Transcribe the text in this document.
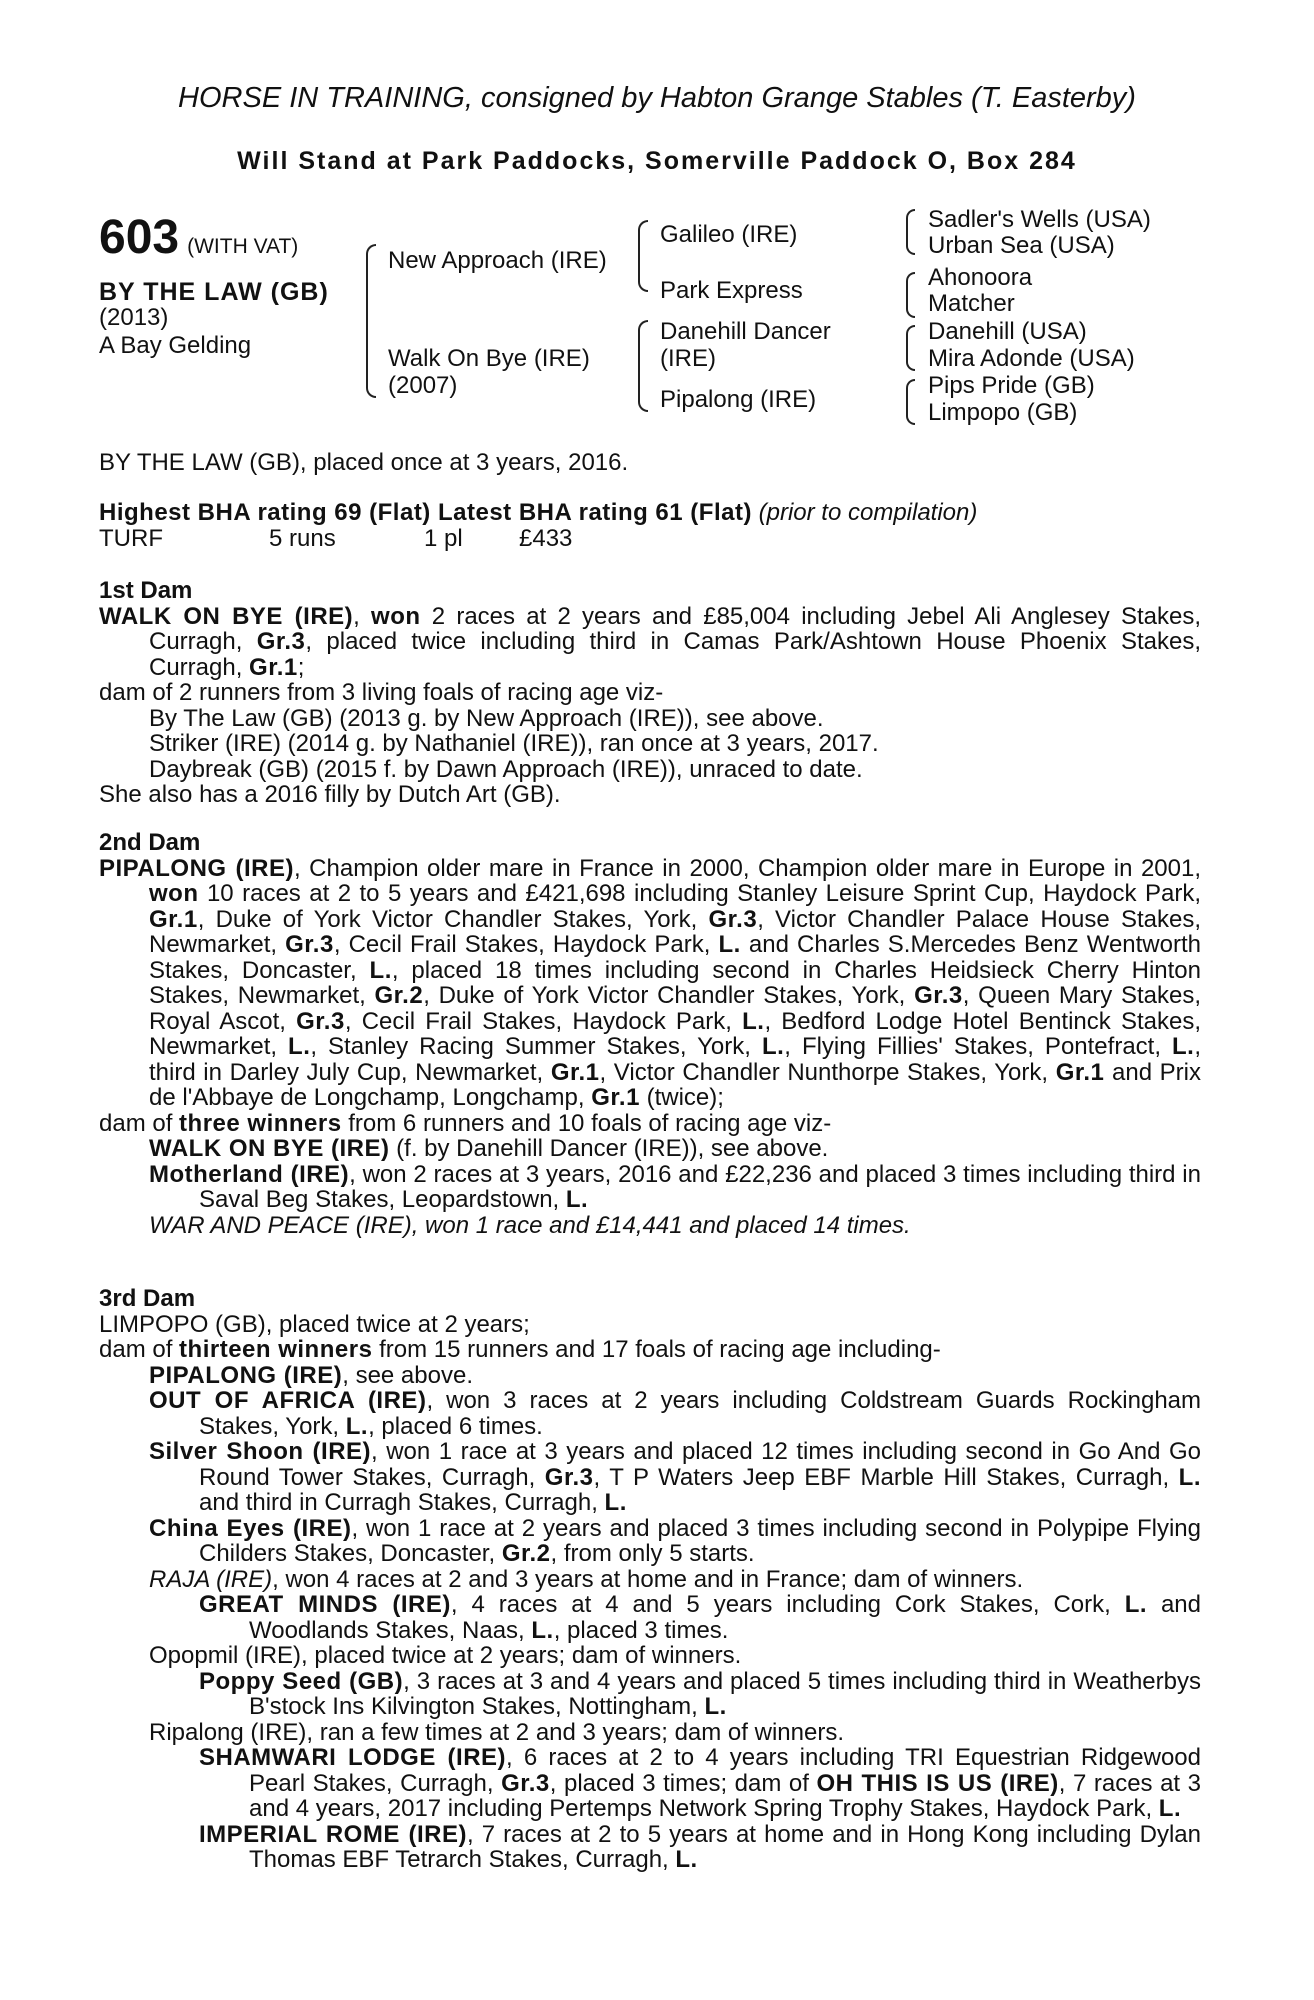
HORSE IN TRAINING, consigned by Habton Grange Stables (T. Easterby)
Will Stand at Park Paddocks, Somerville Paddock O, Box 284
603 (WITH VAT)
BY THE LAW (GB)
(2013)
A Bay Gelding
New Approach (IRE)
Walk On Bye (IRE)
(2007)
Galileo (IRE)
Park Express
Danehill Dancer
(IRE)
Pipalong (IRE)
Sadler's Wells (USA)
Urban Sea (USA)
Ahonoora
Matcher
Danehill (USA)
Mira Adonde (USA)
Pips Pride (GB)
Limpopo (GB)
BY THE LAW (GB), placed once at 3 years, 2016.
Highest BHA rating 69 (Flat) Latest BHA rating 61 (Flat) (prior to compilation)
TURF	5 runs	1 pl £433
1st Dam
WALK ON BYE (IRE), won 2 races at 2 years and £85,004 including Jebel Ali Anglesey Stakes, Curragh, Gr.3, placed twice including third in Camas Park/Ashtown House Phoenix Stakes, Curragh, Gr.1;
dam of 2 runners from 3 living foals of racing age viz-
By The Law (GB) (2013 g. by New Approach (IRE)), see above.
Striker (IRE) (2014 g. by Nathaniel (IRE)), ran once at 3 years, 2017.
Daybreak (GB) (2015 f. by Dawn Approach (IRE)), unraced to date.
She also has a 2016 filly by Dutch Art (GB).
2nd Dam
PIPALONG (IRE), Champion older mare in France in 2000, Champion older mare in Europe in 2001, won 10 races at 2 to 5 years and £421,698 including Stanley Leisure Sprint Cup, Haydock Park, Gr.1, Duke of York Victor Chandler Stakes, York, Gr.3, Victor Chandler Palace House Stakes, Newmarket, Gr.3, Cecil Frail Stakes, Haydock Park, L. and Charles S.Mercedes Benz Wentworth Stakes, Doncaster, L., placed 18 times including second in Charles Heidsieck Cherry Hinton Stakes, Newmarket, Gr.2, Duke of York Victor Chandler Stakes, York, Gr.3, Queen Mary Stakes, Royal Ascot, Gr.3, Cecil Frail Stakes, Haydock Park, L., Bedford Lodge Hotel Bentinck Stakes, Newmarket, L., Stanley Racing Summer Stakes, York, L., Flying Fillies' Stakes, Pontefract, L., third in Darley July Cup, Newmarket, Gr.1, Victor Chandler Nunthorpe Stakes, York, Gr.1 and Prix de l'Abbaye de Longchamp, Longchamp, Gr.1 (twice);
dam of three winners from 6 runners and 10 foals of racing age viz-
WALK ON BYE (IRE) (f. by Danehill Dancer (IRE)), see above.
Motherland (IRE), won 2 races at 3 years, 2016 and £22,236 and placed 3 times including third in Saval Beg Stakes, Leopardstown, L.
WAR AND PEACE (IRE), won 1 race and £14,441 and placed 14 times.
3rd Dam
LIMPOPO (GB), placed twice at 2 years;
dam of thirteen winners from 15 runners and 17 foals of racing age including-
PIPALONG (IRE), see above.
OUT OF AFRICA (IRE), won 3 races at 2 years including Coldstream Guards Rockingham Stakes, York, L., placed 6 times.
Silver Shoon (IRE), won 1 race at 3 years and placed 12 times including second in Go And Go Round Tower Stakes, Curragh, Gr.3, T P Waters Jeep EBF Marble Hill Stakes, Curragh, L. and third in Curragh Stakes, Curragh, L.
China Eyes (IRE), won 1 race at 2 years and placed 3 times including second in Polypipe Flying Childers Stakes, Doncaster, Gr.2, from only 5 starts.
RAJA (IRE), won 4 races at 2 and 3 years at home and in France; dam of winners.
GREAT MINDS (IRE), 4 races at 4 and 5 years including Cork Stakes, Cork, L. and Woodlands Stakes, Naas, L., placed 3 times.
Opopmil (IRE), placed twice at 2 years; dam of winners.
Poppy Seed (GB), 3 races at 3 and 4 years and placed 5 times including third in Weatherbys B'stock Ins Kilvington Stakes, Nottingham, L.
Ripalong (IRE), ran a few times at 2 and 3 years; dam of winners.
SHAMWARI LODGE (IRE), 6 races at 2 to 4 years including TRI Equestrian Ridgewood Pearl Stakes, Curragh, Gr.3, placed 3 times; dam of OH THIS IS US (IRE), 7 races at 3 and 4 years, 2017 including Pertemps Network Spring Trophy Stakes, Haydock Park, L.
IMPERIAL ROME (IRE), 7 races at 2 to 5 years at home and in Hong Kong including Dylan Thomas EBF Tetrarch Stakes, Curragh, L.
